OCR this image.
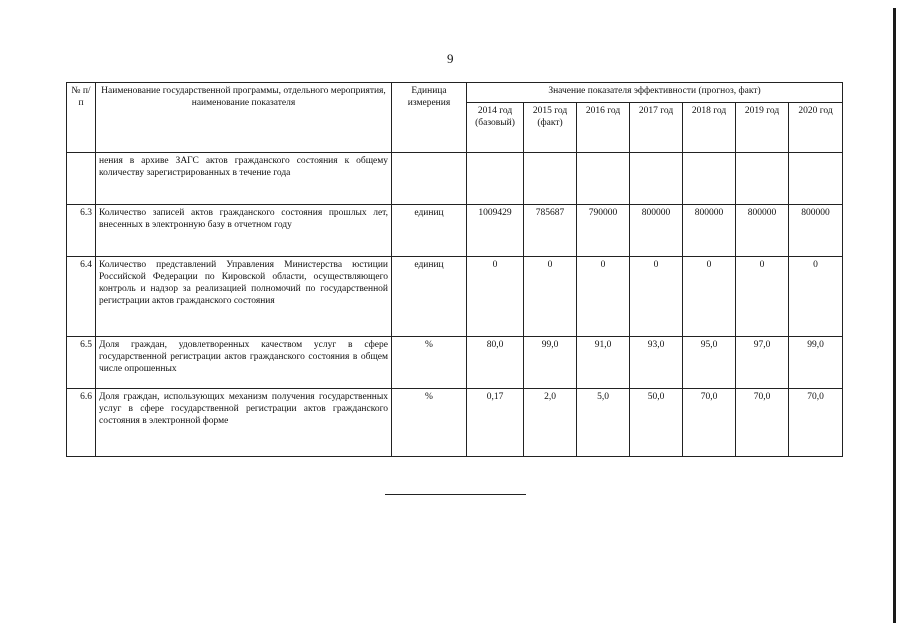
9
№ п/п	Наименование государственной программы, отдельного мероприятия, наименование показателя	Единица измерения	Значение показателя эффективности (прогноз, факт)						
			2014 год (базовый)	2015 год (факт)	2016 год	2017 год	2018 год	2019 год	2020 год
	нения в архиве ЗАГС актов гражданского состояния к общему количеству зарегистрированных в течение года								
6.3	Количество записей актов гражданского состояния прошлых лет, внесенных в электронную базу в отчетном году	единиц	1009429	785687	790000	800000	800000	800000	800000
6.4	Количество представлений Управления Министерства юстиции Российской Федерации по Кировской области, осуществляющего контроль и надзор за реализацией полномочий по государственной регистрации актов гражданского состояния	единиц	0	0	0	0	0	0	0
6.5	Доля граждан, удовлетворенных качеством услуг в сфере государственной регистрации актов гражданского состояния в общем числе опрошенных	%	80,0	99,0	91,0	93,0	95,0	97,0	99,0
6.6	Доля граждан, использующих механизм получения государственных услуг в сфере государственной регистрации актов гражданского состояния в электронной форме	%	0,17	2,0	5,0	50,0	70,0	70,0	70,0
